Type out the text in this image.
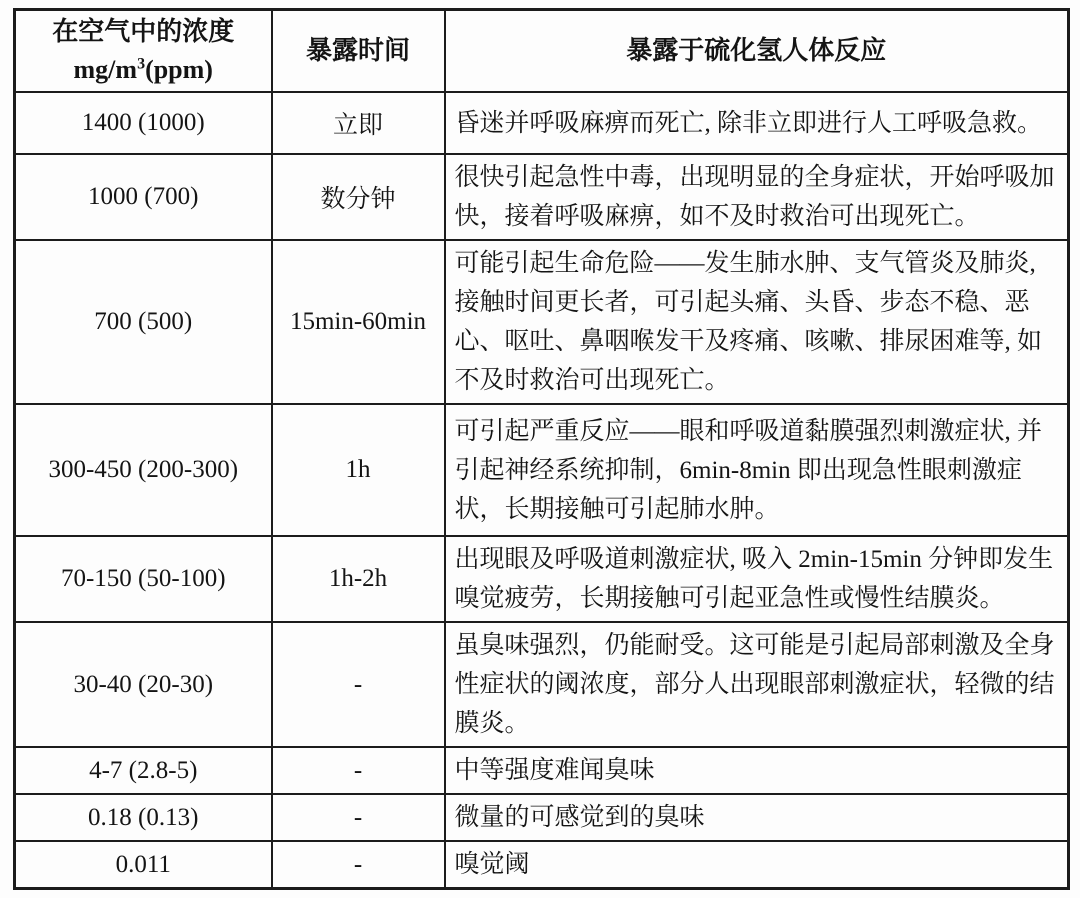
在空气中的浓度
$mg/m^3(ppm)$	暴露时间	暴露于硫化氢人体反应
1400 (1000)	立即	昏迷并呼吸麻痹而死亡, 除非立即进行人工呼吸急救。
1000 (700)	数分钟	很快引起急性中毒，出现明显的全身症状，开始呼吸加快，接着呼吸麻痹，如不及时救治可出现死亡。
700 (500)	15min-60min	可能引起生命危险——发生肺水肿、支气管炎及肺炎, 接触时间更长者，可引起头痛、头昏、步态不稳、恶心、呕吐、鼻咽喉发干及疼痛、咳嗽、排尿困难等, 如不及时救治可出现死亡。
300-450 (200-300)	1h	可引起严重反应——眼和呼吸道黏膜强烈刺激症状, 并引起神经系统抑制，6min-8min 即出现急性眼刺激症状，长期接触可引起肺水肿。
70-150 (50-100)	1h-2h	出现眼及呼吸道刺激症状, 吸入 2min-15min 分钟即发生嗅觉疲劳，长期接触可引起亚急性或慢性结膜炎。
30-40 (20-30)	-	虽臭味强烈，仍能耐受。这可能是引起局部刺激及全身性症状的阈浓度，部分人出现眼部刺激症状，轻微的结膜炎。
4-7 (2.8-5)	-	中等强度难闻臭味
0.18 (0.13)	-	微量的可感觉到的臭味
0.011	-	嗅觉阈
